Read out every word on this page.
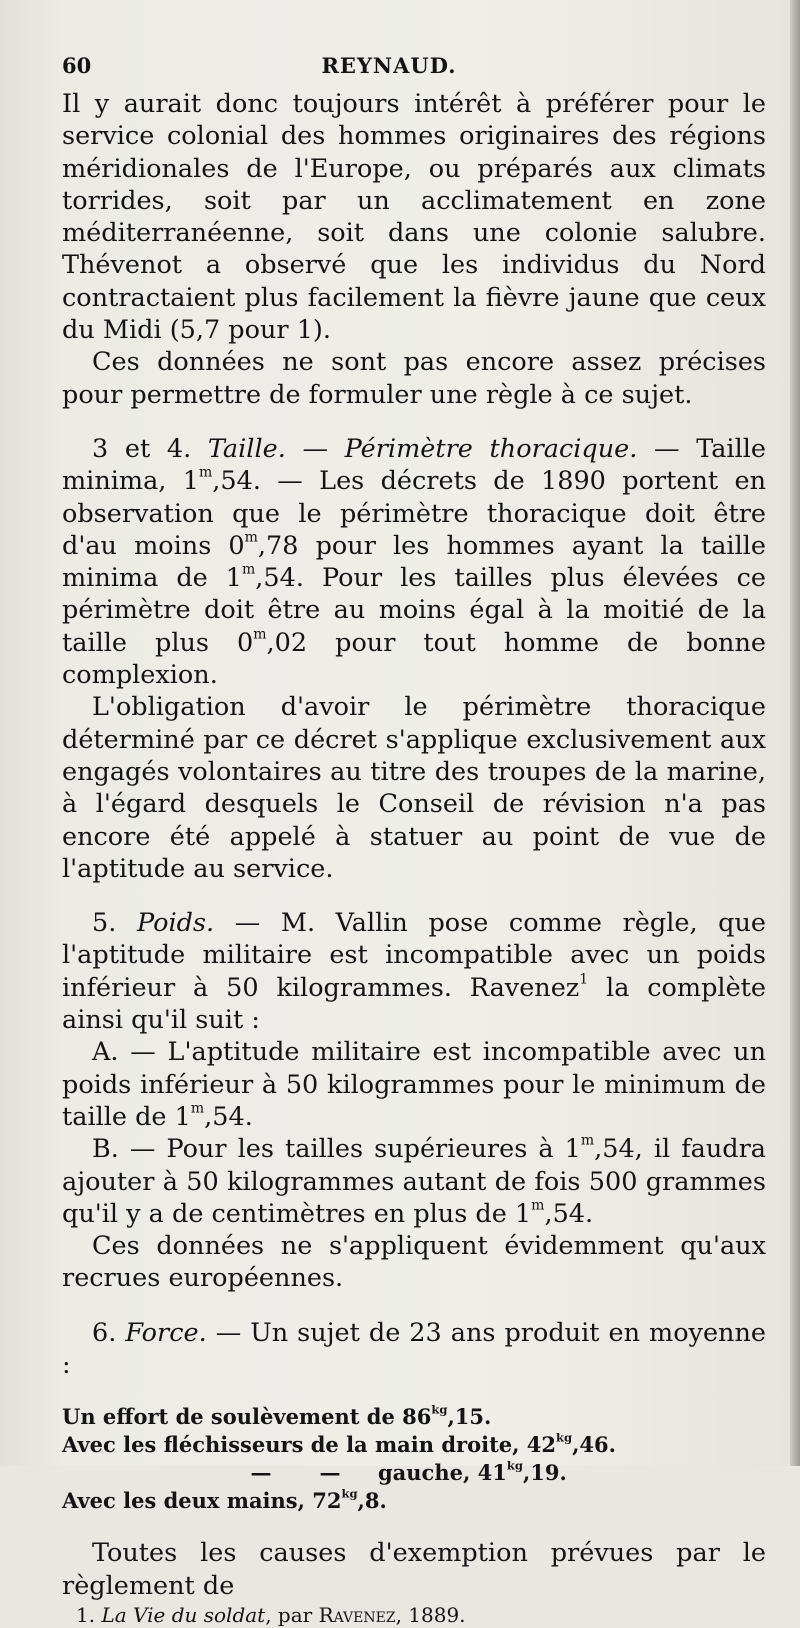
60	REYNAUD.

Il y aurait donc toujours intérêt à préférer pour le service colonial des hommes originaires des régions méridionales de l'Europe, ou préparés aux climats torrides, soit par un acclimatement en zone méditerranéenne, soit dans une colonie salubre. Thévenot a observé que les individus du Nord contractaient plus facilement la fièvre jaune que ceux du Midi (5,7 pour 1).

Ces données ne sont pas encore assez précises pour permettre de formuler une règle à ce sujet.

3 et 4. Taille. — Périmètre thoracique. — Taille minima, 1$^m$,54. — Les décrets de 1890 portent en observation que le périmètre thoracique doit être d'au moins 0$^m$,78 pour les hommes ayant la taille minima de 1$^m$,54. Pour les tailles plus élevées ce périmètre doit être au moins égal à la moitié de la taille plus 0$^m$,02 pour tout homme de bonne complexion.

L'obligation d'avoir le périmètre thoracique déterminé par ce décret s'applique exclusivement aux engagés volontaires au titre des troupes de la marine, à l'égard desquels le Conseil de révision n'a pas encore été appelé à statuer au point de vue de l'aptitude au service.

5. Poids. — M. Vallin pose comme règle, que l'aptitude militaire est incompatible avec un poids inférieur à 50 kilogrammes. Ravenez$^1$ la complète ainsi qu'il suit :

A. — L'aptitude militaire est incompatible avec un poids inférieur à 50 kilogrammes pour le minimum de taille de 1$^m$,54.

B. — Pour les tailles supérieures à 1$^m$,54, il faudra ajouter à 50 kilogrammes autant de fois 500 grammes qu'il y a de centimètres en plus de 1$^m$,54.

Ces données ne s'appliquent évidemment qu'aux recrues européennes.

6. Force. — Un sujet de 23 ans produit en moyenne :

Un effort de soulèvement de $86^{kg},15$.
Avec les fléchisseurs de la main droite, $42^{kg},46$.
— — gauche, $41^{kg},19$.
Avec les deux mains, $72^{kg},8$.

Toutes les causes d'exemption prévues par le règlement de

1. La Vie du soldat, par Ravenez, 1889.
